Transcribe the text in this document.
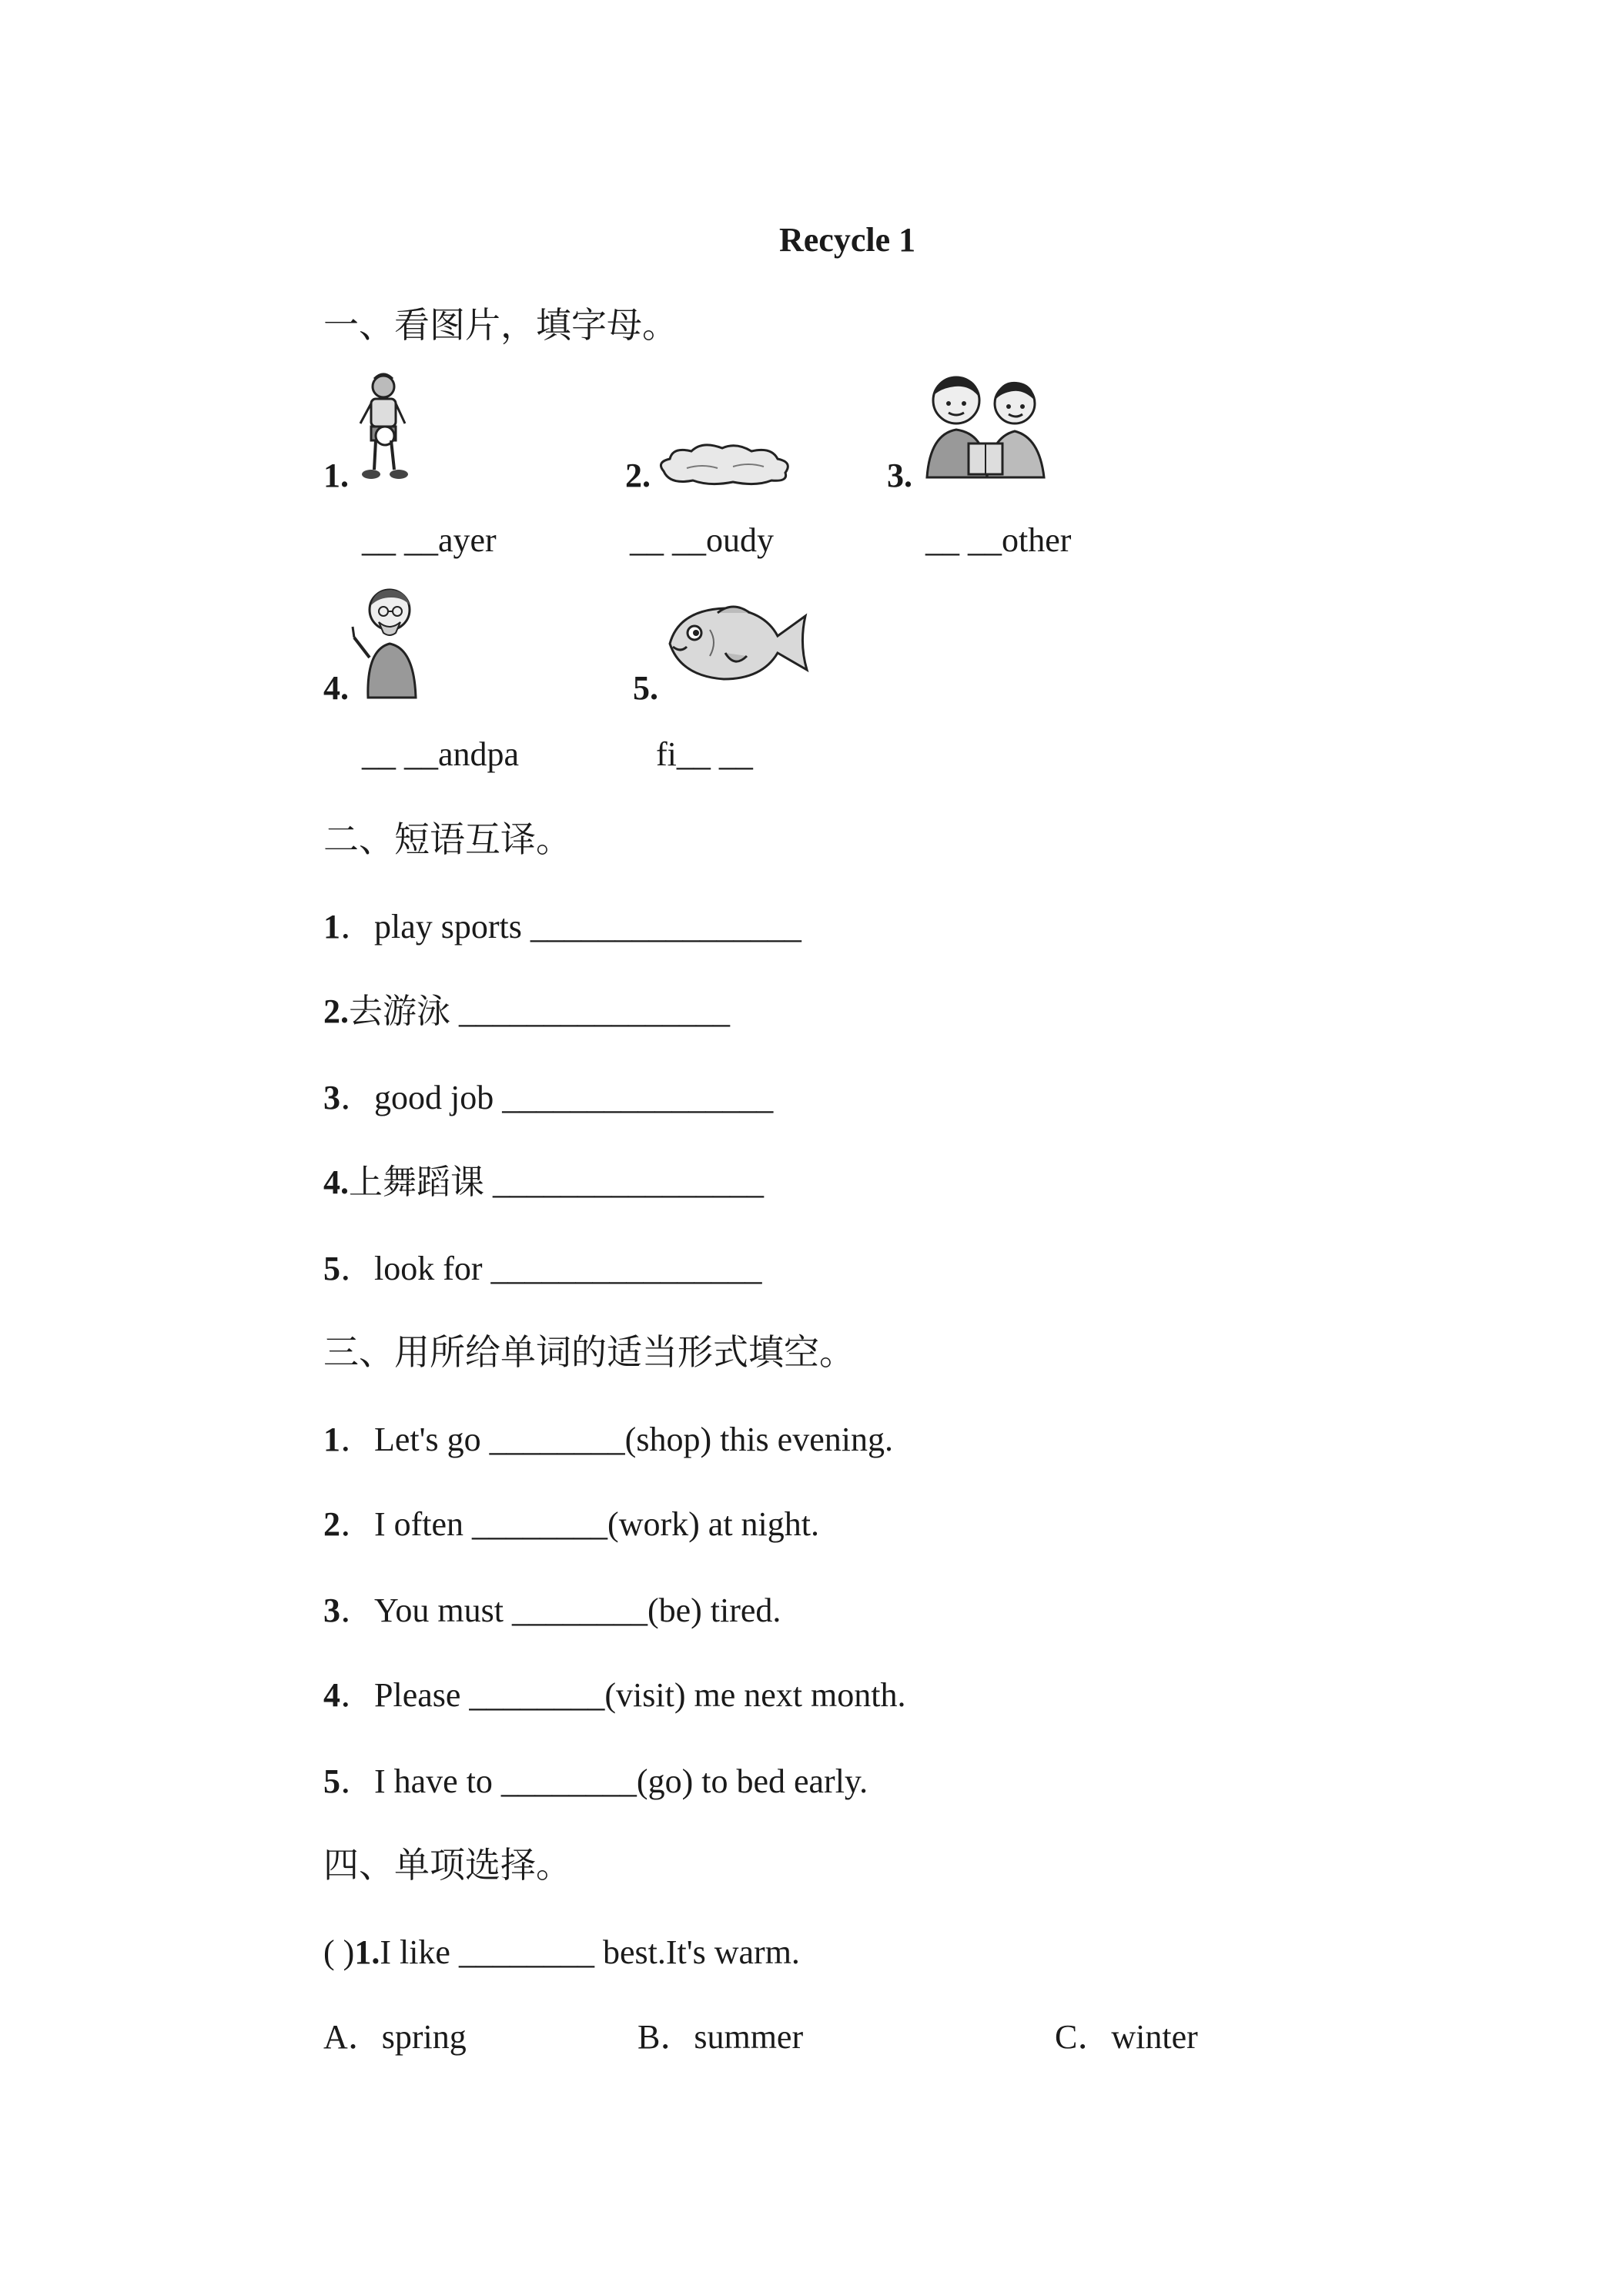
Recycle 1
一、看图片，填字母。
1.
__ __ayer
2.
__ __oudy
3.
__ __other
4.
__ __andpa
5.
fi__ __
二、短语互译。
1．play sports ________________
2.去游泳 ________________
3．good job ________________
4.上舞蹈课 ________________
5．look for ________________
三、用所给单词的适当形式填空。
1．Let's go ________(shop) this evening.
2．I often ________(work) at night.
3．You must ________(be) tired.
4．Please ________(visit) me next month.
5．I have to ________(go) to bed early.
四、单项选择。
( )1.I like ________ best.It's warm.
A．spring	B．summer	C．winter
